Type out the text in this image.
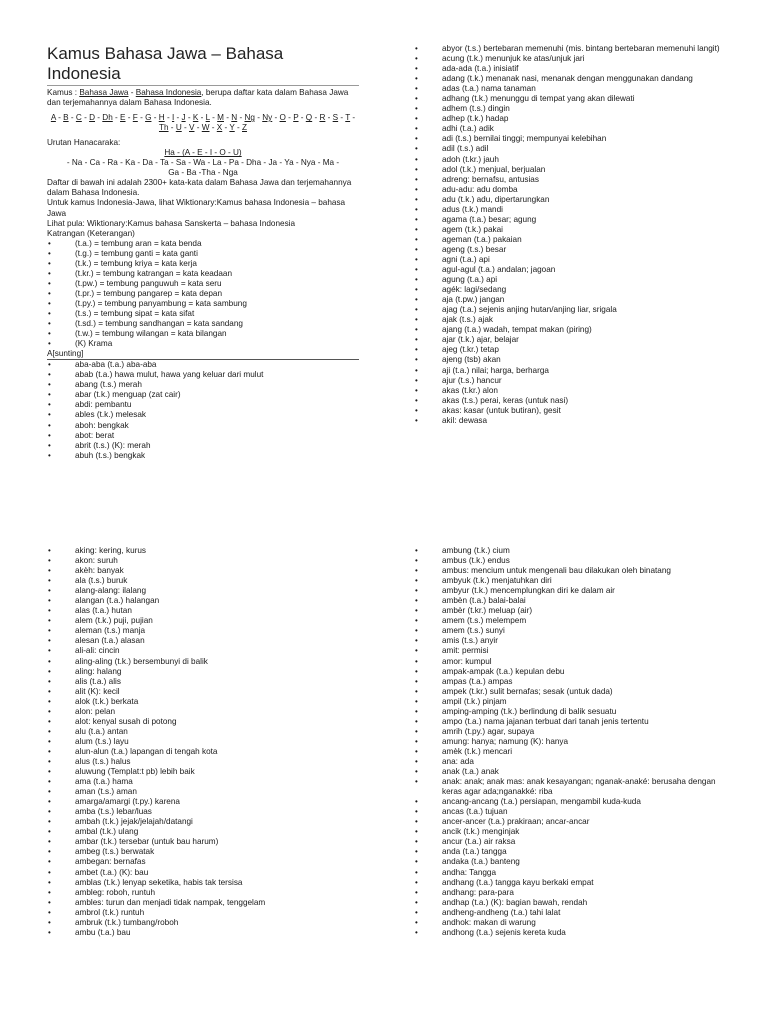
Kamus Bahasa Jawa – Bahasa Indonesia

Kamus : Bahasa Jawa - Bahasa Indonesia, berupa daftar kata dalam Bahasa Jawa dan terjemahannya dalam Bahasa Indonesia.

A - B - C - D - Dh - E - F - G - H - I - J - K - L - M - N - Ng - Ny - O - P - Q - R - S - T - Th - U - V - W - X - Y - Z

Urutan Hanacaraka:

Ha - (A - E - I - O - U)

- Na - Ca - Ra - Ka - Da - Ta - Sa - Wa - La - Pa - Dha - Ja - Ya - Nya - Ma -

Ga - Ba -Tha - Nga

Daftar di bawah ini adalah 2300+ kata-kata dalam Bahasa Jawa dan terjemahannya dalam Bahasa Indonesia.

Untuk kamus Indonesia-Jawa, lihat Wiktionary:Kamus bahasa Indonesia – bahasa Jawa

Lihat pula: Wiktionary:Kamus bahasa Sanskerta – bahasa Indonesia

Katrangan (Keterangan)

• (t.a.) = tembung aran = kata benda
• (t.g.) = tembung ganti = kata ganti
• (t.k.) = tembung kriya = kata kerja
• (t.kr.) = tembung katrangan = kata keadaan
• (t.pw.) = tembung panguwuh = kata seru
• (t.pr.) = tembung pangarep = kata depan
• (t.py.) = tembung panyambung = kata sambung
• (t.s.) = tembung sipat = kata sifat
• (t.sd.) = tembung sandhangan = kata sandang
• (t.w.) = tembung wilangan = kata bilangan
• (K) Krama

A[sunting]

• aba-aba (t.a.) aba-aba
• abab (t.a.) hawa mulut, hawa yang keluar dari mulut
• abang (t.s.) merah
• abar (t.k.) menguap (zat cair)
• abdi: pembantu
• ables (t.k.) melesak
• aboh: bengkak
• abot: berat
• abrit (t.s.) (K): merah
• abuh (t.s.) bengkak
• abyor (t.s.) bertebaran memenuhi (mis. bintang bertebaran memenuhi langit)
• acung (t.k.) menunjuk ke atas/unjuk jari
• ada-ada (t.a.) inisiatif
• adang (t.k.) menanak nasi, menanak dengan menggunakan dandang
• adas (t.a.) nama tanaman
• adhang (t.k.) menunggu di tempat yang akan dilewati
• adhem (t.s.) dingin
• adhep (t.k.) hadap
• adhi (t.a.) adik
• adi (t.s.) bernilai tinggi; mempunyai kelebihan
• adil (t.s.) adil
• adoh (t.kr.) jauh
• adol (t.k.) menjual, berjualan
• adreng: bernafsu, antusias
• adu-adu: adu domba
• adu (t.k.) adu, dipertarungkan
• adus (t.k.) mandi
• agama (t.a.) besar; agung
• agem (t.k.) pakai
• ageman (t.a.) pakaian
• ageng (t.s.) besar
• agni (t.a.) api
• agul-agul (t.a.) andalan; jagoan
• agung (t.a.) api
• agék: lagi/sedang
• aja (t.pw.) jangan
• ajag (t.a.) sejenis anjing hutan/anjing liar, srigala
• ajak (t.s.) ajak
• ajang (t.a.) wadah, tempat makan (piring)
• ajar (t.k.) ajar, belajar
• ajeg (t.kr.) tetap
• ajeng (tsb) akan
• aji (t.a.) nilai; harga, berharga
• ajur (t.s.) hancur
• akas (t.kr.) alon
• akas (t.s.) perai, keras (untuk nasi)
• akas: kasar (untuk butiran), gesit
• akil: dewasa
• aking: kering, kurus
• akon: suruh
• akèh: banyak
• ala (t.s.) buruk
• alang-alang: ilalang
• alangan (t.a.) halangan
• alas (t.a.) hutan
• alem (t.k.) puji, pujian
• aleman (t.s.) manja
• alesan (t.a.) alasan
• ali-ali: cincin
• aling-aling (t.k.) bersembunyi di balik
• aling: halang
• alis (t.a.) alis
• alit (K): kecil
• alok (t.k.) berkata
• alon: pelan
• alot: kenyal susah di potong
• alu (t.a.) antan
• alum (t.s.) layu
• alun-alun (t.a.) lapangan di tengah kota
• alus (t.s.) halus
• aluwung (Templat:t pb) lebih baik
• ama (t.a.) hama
• aman (t.s.) aman
• amarga/amargi (t.py.) karena
• amba (t.s.) lebar/luas
• ambah (t.k.) jejak/jelajah/datangi
• ambal (t.k.) ulang
• ambar (t.k.) tersebar (untuk bau harum)
• ambeg (t.s.) berwatak
• ambegan: bernafas
• ambet (t.a.) (K): bau
• amblas (t.k.) lenyap seketika, habis tak tersisa
• ambleg: roboh, runtuh
• ambles: turun dan menjadi tidak nampak, tenggelam
• ambrol (t.k.) runtuh
• ambruk (t.k.) tumbang/roboh
• ambu (t.a.) bau
• ambung (t.k.) cium
• ambus (t.k.) endus
• ambus: mencium untuk mengenali bau dilakukan oleh binatang
• ambyuk (t.k.) menjatuhkan diri
• ambyur (t.k.) mencemplungkan diri ke dalam air
• ambèn (t.a.) balai-balai
• ambèr (t.kr.) meluap (air)
• amem (t.s.) melempem
• amem (t.s.) sunyi
• amis (t.s.) anyir
• amit: permisi
• amor: kumpul
• ampak-ampak (t.a.) kepulan debu
• ampas (t.a.) ampas
• ampek (t.kr.) sulit bernafas; sesak (untuk dada)
• ampil (t.k.) pinjam
• amping-amping (t.k.) berlindung di balik sesuatu
• ampo (t.a.) nama jajanan terbuat dari tanah jenis tertentu
• amrih (t.py.) agar, supaya
• amung: hanya; namung (K): hanya
• amèk (t.k.) mencari
• ana: ada
• anak (t.a.) anak
• anak: anak; anak mas: anak kesayangan; nganak-anaké: berusaha dengan keras agar ada;nganakké: riba
• ancang-ancang (t.a.) persiapan, mengambil kuda-kuda
• ancas (t.a.) tujuan
• ancer-ancer (t.a.) prakiraan; ancar-ancar
• ancik (t.k.) menginjak
• ancur (t.a.) air raksa
• anda (t.a.) tangga
• andaka (t.a.) banteng
• andha: Tangga
• andhang (t.a.) tangga kayu berkaki empat
• andhang: para-para
• andhap (t.a.) (K): bagian bawah, rendah
• andheng-andheng (t.a.) tahi lalat
• andhok: makan di warung
• andhong (t.a.) sejenis kereta kuda
